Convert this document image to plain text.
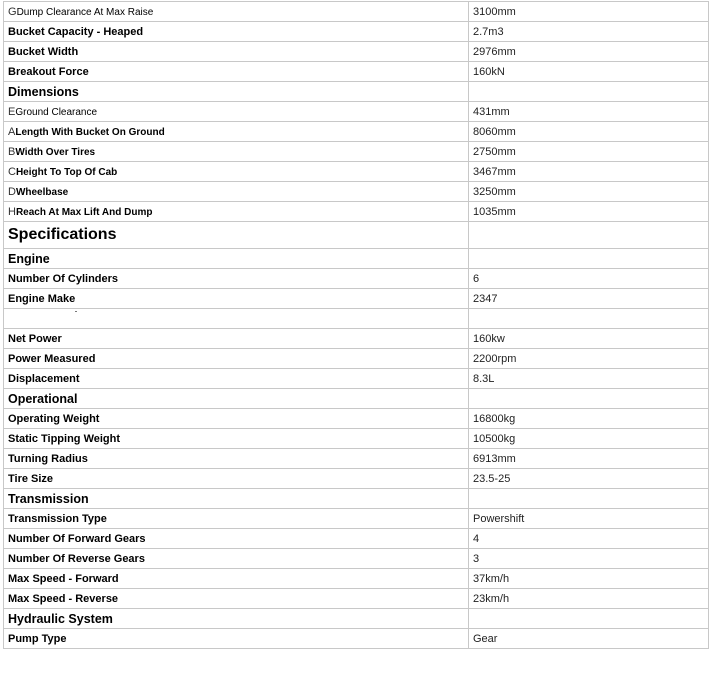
GDump Clearance At Max Raise	3100mm
Bucket Capacity - Heaped	2.7m3
Bucket Width	2976mm
Breakout Force	160kN
Dimensions	
EGround Clearance	431mm
ALength With Bucket On Ground	8060mm
BWidth Over Tires	2750mm
CHeight To Top Of Cab	3467mm
DWheelbase	3250mm
HReach At Max Lift And Dump	1035mm
Specifications	
Engine	
Number Of Cylinders	6
Engine Make	2347

Net Power	160kw
Power Measured	2200rpm
Displacement	8.3L
Operational	
Operating Weight	16800kg
Static Tipping Weight	10500kg
Turning Radius	6913mm
Tire Size	23.5-25
Transmission	
Transmission Type	Powershift
Number Of Forward Gears	4
Number Of Reverse Gears	3
Max Speed - Forward	37km/h
Max Speed - Reverse	23km/h
Hydraulic System	
Pump Type	Gear
